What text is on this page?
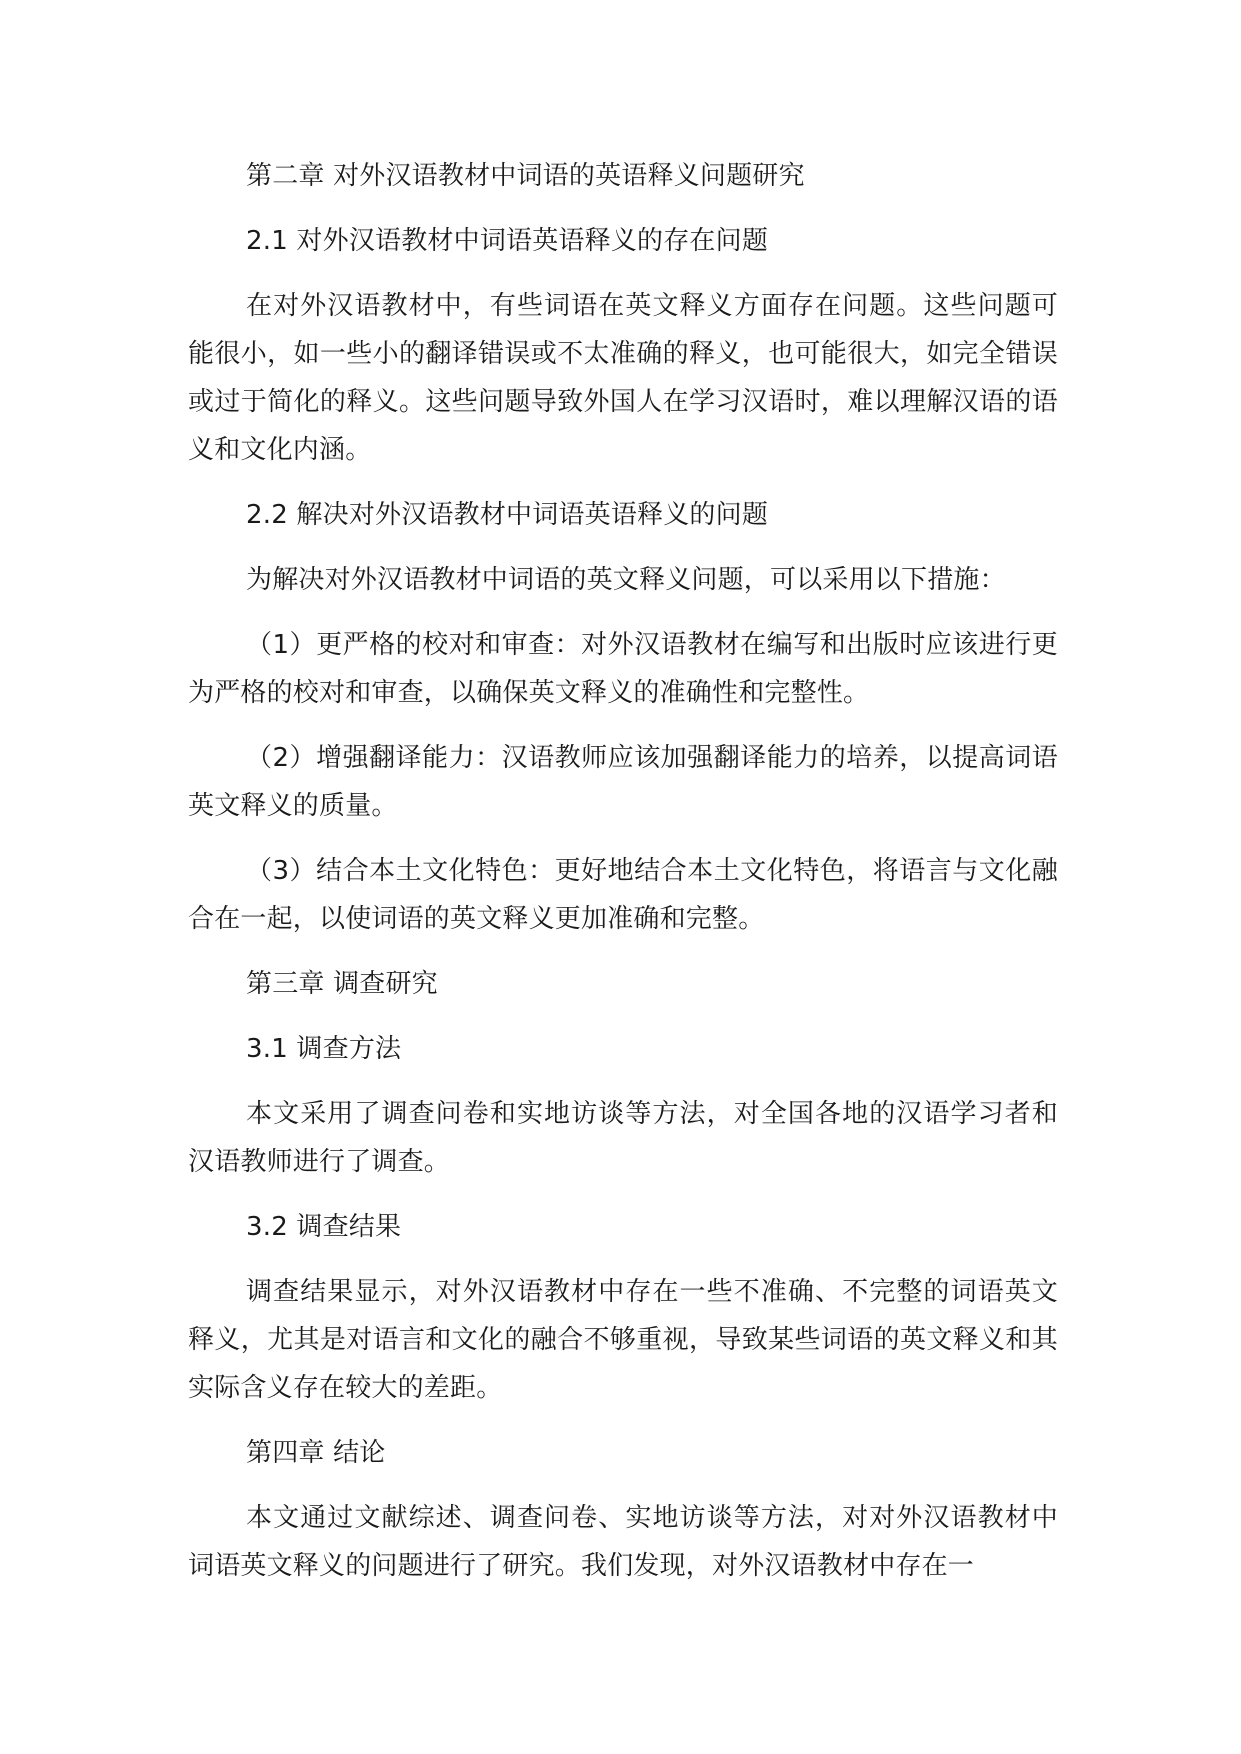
第二章 对外汉语教材中词语的英语释义问题研究

2.1 对外汉语教材中词语英语释义的存在问题

在对外汉语教材中，有些词语在英文释义方面存在问题。这些问题可能很小，如一些小的翻译错误或不太准确的释义，也可能很大，如完全错误或过于简化的释义。这些问题导致外国人在学习汉语时，难以理解汉语的语义和文化内涵。

2.2 解决对外汉语教材中词语英语释义的问题

为解决对外汉语教材中词语的英文释义问题，可以采用以下措施：

（1）更严格的校对和审查：对外汉语教材在编写和出版时应该进行更为严格的校对和审查，以确保英文释义的准确性和完整性。

（2）增强翻译能力：汉语教师应该加强翻译能力的培养，以提高词语英文释义的质量。

（3）结合本土文化特色：更好地结合本土文化特色，将语言与文化融合在一起，以使词语的英文释义更加准确和完整。

第三章 调查研究

3.1 调查方法

本文采用了调查问卷和实地访谈等方法，对全国各地的汉语学习者和汉语教师进行了调查。

3.2 调查结果

调查结果显示，对外汉语教材中存在一些不准确、不完整的词语英文释义，尤其是对语言和文化的融合不够重视，导致某些词语的英文释义和其实际含义存在较大的差距。

第四章 结论

本文通过文献综述、调查问卷、实地访谈等方法，对对外汉语教材中词语英文释义的问题进行了研究。我们发现，对外汉语教材中存在一
